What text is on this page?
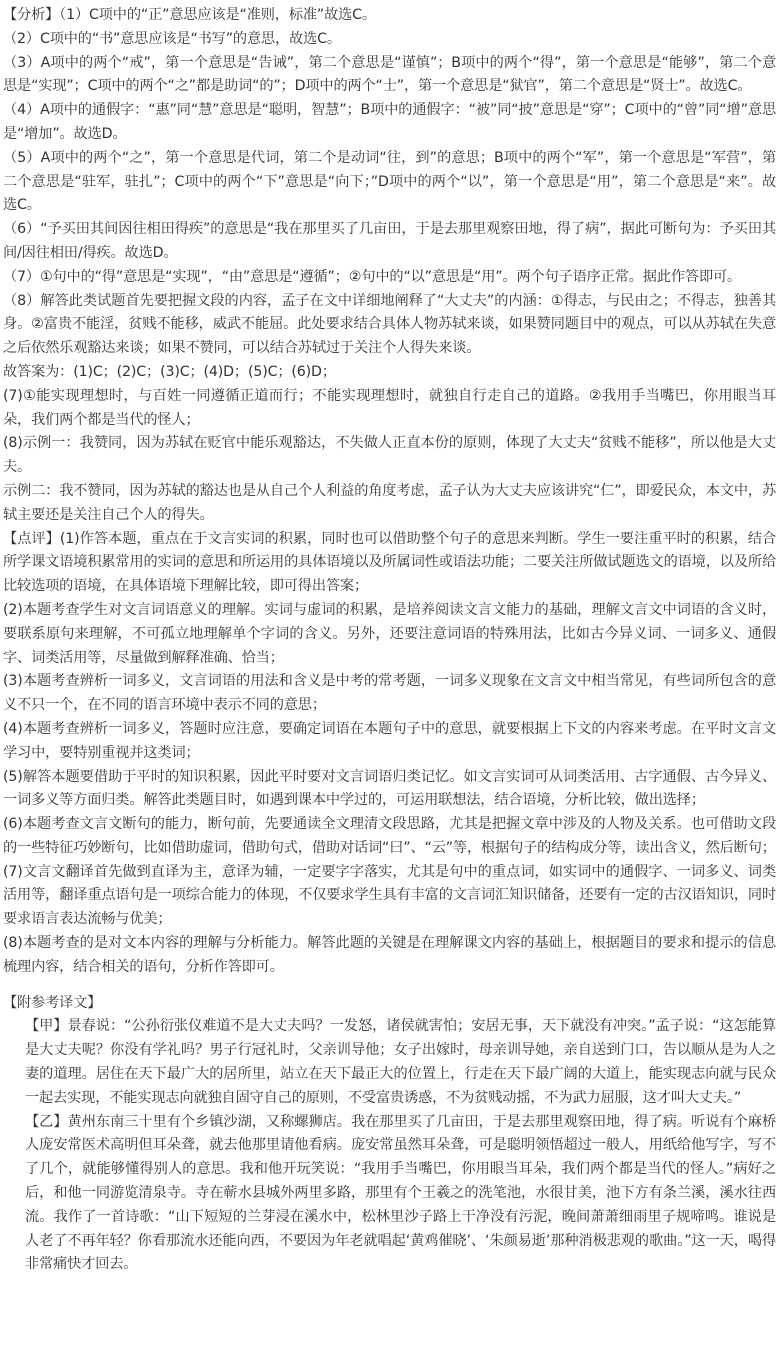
【分析】（1）C项中的“正”意思应该是“准则，标准”故选C。

（2）C项中的“书”意思应该是“书写”的意思，故选C。

（3）A项中的两个“戒”，第一个意思是“告诫”，第二个意思是“谨慎”；B项中的两个“得”，第一个意思是“能够”，第二个意思是“实现”；C项中的两个“之”都是助词“的”；D项中的两个“士”，第一个意思是“狱官”，第二个意思是“贤士”。故选C。

（4）A项中的通假字：“惠”同“慧”意思是“聪明，智慧”；B项中的通假字：“被”同“披”意思是“穿”；C项中的“曾”同“增”意思是“增加”。故选D。

（5）A项中的两个“之”，第一个意思是代词，第二个是动词“往，到”的意思；B项中的两个“军”，第一个意思是“军营”，第二个意思是“驻军，驻扎”；C项中的两个“下”意思是“向下；”D项中的两个“以”，第一个意思是“用”，第二个意思是“来”。故选C。

（6）“予买田其间因往相田得疾”的意思是“我在那里买了几亩田，于是去那里观察田地，得了病”，据此可断句为：予买田其间/因往相田/得疾。故选D。

（7）①句中的“得”意思是“实现”，“由”意思是“遵循”；②句中的“以”意思是“用”。两个句子语序正常。据此作答即可。

（8）解答此类试题首先要把握文段的内容，孟子在文中详细地阐释了“大丈夫”的内涵：①得志，与民由之；不得志，独善其身。②富贵不能淫，贫贱不能移，威武不能屈。此处要求结合具体人物苏轼来谈，如果赞同题目中的观点，可以从苏轼在失意之后依然乐观豁达来谈；如果不赞同，可以结合苏轼过于关注个人得失来谈。

故答案为：(1)C；(2)C；(3)C；(4)D；(5)C；(6)D；

(7)①能实现理想时，与百姓一同遵循正道而行；不能实现理想时，就独自行走自己的道路。②我用手当嘴巴，你用眼当耳朵，我们两个都是当代的怪人；

(8)示例一：我赞同，因为苏轼在贬官中能乐观豁达，不失做人正直本份的原则，体现了大丈夫“贫贱不能移”，所以他是大丈夫。

示例二：我不赞同，因为苏轼的豁达也是从自己个人利益的角度考虑，孟子认为大丈夫应该讲究“仁”，即爱民众，本文中，苏轼主要还是关注自己个人的得失。

【点评】(1)作答本题，重点在于文言实词的积累，同时也可以借助整个句子的意思来判断。学生一要注重平时的积累，结合所学课文语境积累常用的实词的意思和所运用的具体语境以及所属词性或语法功能；二要关注所做试题选文的语境，以及所给比较选项的语境，在具体语境下理解比较，即可得出答案；

(2)本题考查学生对文言词语意义的理解。实词与虚词的积累，是培养阅读文言文能力的基础，理解文言文中词语的含义时，要联系原句来理解，不可孤立地理解单个字词的含义。另外，还要注意词语的特殊用法，比如古今异义词、一词多义、通假字、词类活用等，尽量做到解释准确、恰当；

(3)本题考查辨析一词多义，文言词语的用法和含义是中考的常考题，一词多义现象在文言文中相当常见，有些词所包含的意义不只一个，在不同的语言环境中表示不同的意思；

(4)本题考查辨析一词多义，答题时应注意，要确定词语在本题句子中的意思，就要根据上下文的内容来考虑。在平时文言文学习中，要特别重视并这类词；

(5)解答本题要借助于平时的知识积累，因此平时要对文言词语归类记忆。如文言实词可从词类活用、古字通假、古今异义、一词多义等方面归类。解答此类题目时，如遇到课本中学过的，可运用联想法，结合语境，分析比较，做出选择；

(6)本题考查文言文断句的能力，断句前，先要通读全文理清文段思路，尤其是把握文章中涉及的人物及关系。也可借助文段的一些特征巧妙断句，比如借助虚词，借助句式，借助对话词“曰”、“云”等，根据句子的结构成分等，读出含义，然后断句；

(7)文言文翻译首先做到直译为主，意译为辅，一定要字字落实，尤其是句中的重点词，如实词中的通假字、一词多义、词类活用等，翻译重点语句是一项综合能力的体现，不仅要求学生具有丰富的文言词汇知识储备，还要有一定的古汉语知识，同时要求语言表达流畅与优美；

(8)本题考查的是对文本内容的理解与分析能力。解答此题的关键是在理解课文内容的基础上，根据题目的要求和提示的信息梳理内容，结合相关的语句，分析作答即可。

【附参考译文】

【甲】景春说：“公孙衍张仪难道不是大丈夫吗？一发怒，诸侯就害怕；安居无事，天下就没有冲突。”孟子说：“这怎能算是大丈夫呢？你没有学礼吗？男子行冠礼时，父亲训导他；女子出嫁时，母亲训导她，亲自送到门口，告以顺从是为人之妻的道理。居住在天下最广大的居所里，站立在天下最正大的位置上，行走在天下最广阔的大道上，能实现志向就与民众一起去实现，不能实现志向就独自固守自己的原则，不受富贵诱惑，不为贫贱动摇，不为武力屈服，这才叫大丈夫。”

【乙】黄州东南三十里有个乡镇沙湖，又称螺狮店。我在那里买了几亩田，于是去那里观察田地，得了病。听说有个麻桥人庞安常医术高明但耳朵聋，就去他那里请他看病。庞安常虽然耳朵聋，可是聪明领悟超过一般人，用纸给他写字，写不了几个，就能够懂得别人的意思。我和他开玩笑说：“我用手当嘴巴，你用眼当耳朵，我们两个都是当代的怪人。”病好之后，和他一同游览清泉寺。寺在蕲水县城外两里多路，那里有个王羲之的洗笔池，水很甘美，池下方有条兰溪，溪水往西流。我作了一首诗歌：“山下短短的兰芽浸在溪水中，松林里沙子路上干净没有污泥，晚间萧萧细雨里子规啼鸣。谁说是人老了不再年轻？你看那流水还能向西，不要因为年老就唱起‘黄鸡催晓’、‘朱颜易逝’那种消极悲观的歌曲。”这一天，喝得非常痛快才回去。
